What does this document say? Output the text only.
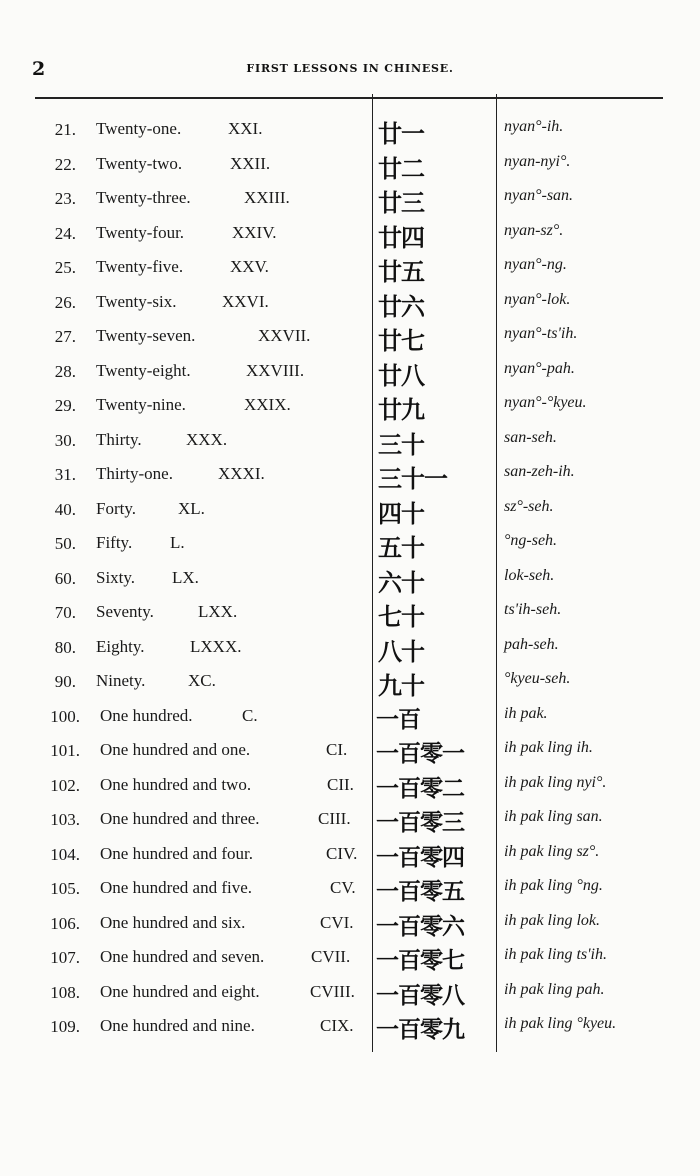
2	FIRST LESSONS IN CHINESE.
21. Twenty-one.	XXI.	廿一	nyan°-ih.
22. Twenty-two.	XXII.	廿二	nyan-nyi°.
23. Twenty-three.	XXIII.	廿三	nyan°-san.
24. Twenty-four.	XXIV.	廿四	nyan-sz°.
25. Twenty-five.	XXV.	廿五	nyan°-ng.
26. Twenty-six.	XXVI.	廿六	nyan°-lok.
27. Twenty-seven.	XXVII.	廿七	nyan°-ts'ih.
28. Twenty-eight.	XXVIII.	廿八	nyan°-pah.
29. Twenty-nine.	XXIX.	廿九	nyan°-°kyeu.
30. Thirty.	XXX.	三十	san-seh.
31. Thirty-one.	XXXI.	三十一	san-zeh-ih.
40. Forty. XL.	四十	sz°-seh.
50. Fifty. L.	五十	°ng-seh.
60. Sixty. LX.	六十	lok-seh.
70. Seventy.	LXX.	七十	ts'ih-seh.
80. Eighty.	LXXX.	八十	pah-seh.
90. Ninety.	XC.	九十	°kyeu-seh.
100. One hundred.	C.	一百	ih pak.
101. One hundred and one.	CI. 一百零一	ih pak ling ih.
102. One hundred and two.	CII. 一百零二	ih pak ling nyi°.
103. One hundred and three.	CIII. 一百零三	ih pak ling san.
104. One hundred and four.	CIV. 一百零四	ih pak ling sz°.
105. One hundred and five.	CV. 一百零五	ih pak ling °ng.
106. One hundred and six.	CVI. 一百零六	ih pak ling lok.
107. One hundred and seven.	CVII. 一百零七	ih pak ling ts'ih.
108. One hundred and eight.	CVIII. 一百零八	ih pak ling pah.
109. One hundred and nine.	CIX. 一百零九	ih pak ling °kyeu.
